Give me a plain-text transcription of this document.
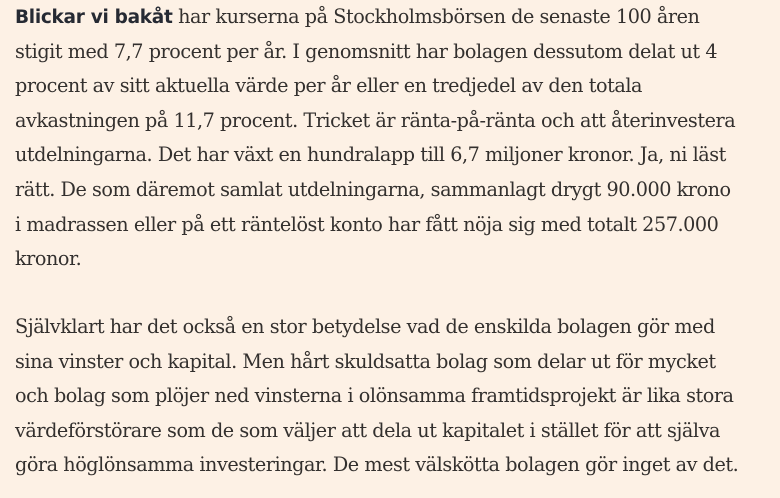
Blickar vi bakåt har kurserna på Stockholmsbörsen de senaste 100 åren
stigit med 7,7 procent per år. I genomsnitt har bolagen dessutom delat ut 4
procent av sitt aktuella värde per år eller en tredjedel av den totala
avkastningen på 11,7 procent. Tricket är ränta-på-ränta och att återinvestera
utdelningarna. Det har växt en hundralapp till 6,7 miljoner kronor. Ja, ni läst
rätt. De som däremot samlat utdelningarna, sammanlagt drygt 90.000 krono
i madrassen eller på ett räntelöst konto har fått nöja sig med totalt 257.000
kronor.

Självklart har det också en stor betydelse vad de enskilda bolagen gör med
sina vinster och kapital. Men hårt skuldsatta bolag som delar ut för mycket
och bolag som plöjer ned vinsterna i olönsamma framtidsprojekt är lika stora
värdeförstörare som de som väljer att dela ut kapitalet i stället för att själva
göra höglönsamma investeringar. De mest välskötta bolagen gör inget av det.
